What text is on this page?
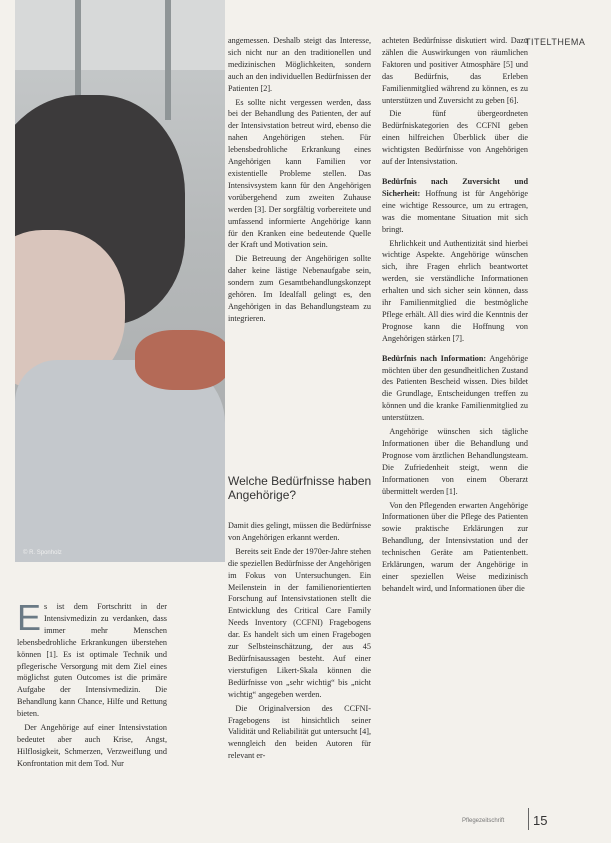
© R. Sponholz
TITELTHEMA

Es ist dem Fortschritt in der Intensivmedizin zu verdanken, dass immer mehr Menschen lebensbedrohliche Erkrankungen überstehen können [1]. Es ist optimale Technik und pflegerische Versorgung mit dem Ziel eines möglichst guten Outcomes ist die primäre Aufgabe der Intensivmedizin. Die Behandlung kann Chance, Hilfe und Rettung bieten.

Der Angehörige auf einer Intensivstation bedeutet aber auch Krise, Angst, Hilflosigkeit, Schmerzen, Verzweiflung und Konfrontation mit dem Tod. Nur

angemessen. Deshalb steigt das Interesse, sich nicht nur an den traditionellen und medizinischen Möglichkeiten, sondern auch an den individuellen Bedürfnissen der Patienten [2].

Es sollte nicht vergessen werden, dass bei der Behandlung des Patienten, der auf der Intensivstation betreut wird, ebenso die nahen Angehörigen stehen. Für lebensbedrohliche Erkrankung eines Angehörigen kann Familien vor existentielle Probleme stellen. Das Intensivsystem kann für den Angehörigen vorübergehend zum zweiten Zuhause werden [3]. Der sorgfältig vorbereitete und umfassend informierte Angehörige kann für den Kranken eine bedeutende Quelle der Kraft und Motivation sein.

Die Betreuung der Angehörigen sollte daher keine lästige Nebenaufgabe sein, sondern zum Gesamtbehandlungskonzept gehören. Im Idealfall gelingt es, den Angehörigen in das Behandlungsteam zu integrieren.

Welche Bedürfnisse haben Angehörige?

Damit dies gelingt, müssen die Bedürfnisse von Angehörigen erkannt werden.

Bereits seit Ende der 1970er-Jahre stehen die speziellen Bedürfnisse der Angehörigen im Fokus von Untersuchungen. Ein Meilenstein in der familienorientierten Forschung auf Intensivstationen stellt die Entwicklung des Critical Care Family Needs Inventory (CCFNI) Fragebogens dar. Es handelt sich um einen Fragebogen zur Selbsteinschätzung, der aus 45 Bedürfnisaussagen besteht. Auf einer vierstufigen Likert-Skala können die Bedürfnisse von „sehr wichtig“ bis „nicht wichtig“ angegeben werden.

Die Originalversion des CCFNI-Fragebogens ist hinsichtlich seiner Validität und Reliabilität gut untersucht [4], wenngleich den beiden Autoren für relevant er-

achteten Bedürfnisse diskutiert wird. Dazu zählen die Auswirkungen von räumlichen Faktoren und positiver Atmosphäre [5] und das Bedürfnis, das Erleben Familienmitglied während zu können, es zu unterstützen und Zuversicht zu geben [6].

Die fünf übergeordneten Bedürfniskategorien des CCFNI geben einen hilfreichen Überblick über die wichtigsten Bedürfnisse von Angehörigen auf der Intensivstation.

Bedürfnis nach Zuversicht und Sicherheit: Hoffnung ist für Angehörige eine wichtige Ressource, um zu ertragen, was die momentane Situation mit sich bringt.

Ehrlichkeit und Authentizität sind hierbei wichtige Aspekte. Angehörige wünschen sich, ihre Fragen ehrlich beantwortet werden, sie verständliche Informationen erhalten und sich sicher sein können, dass ihr Familienmitglied die bestmögliche Pflege erhält. All dies wird die Kenntnis der Prognose kann die Hoffnung von Angehörigen stärken [7].

Bedürfnis nach Information: Angehörige möchten über den gesundheitlichen Zustand des Patienten Bescheid wissen. Dies bildet die Grundlage, Entscheidungen treffen zu können und die kranke Familienmitglied zu unterstützen.

Angehörige wünschen sich tägliche Informationen über die Behandlung und Prognose vom ärztlichen Behandlungsteam. Die Zufriedenheit steigt, wenn die Informationen von einem Oberarzt übermittelt werden [1].

Von den Pflegenden erwarten Angehörige Informationen über die Pflege des Patienten sowie praktische Erklärungen zur Behandlung, der Intensivstation und der technischen Geräte am Patientenbett. Erklärungen, warum der Angehörige in einer speziellen Weise medizinisch behandelt wird, und Informationen über die

Pflegezeitschrift 15
